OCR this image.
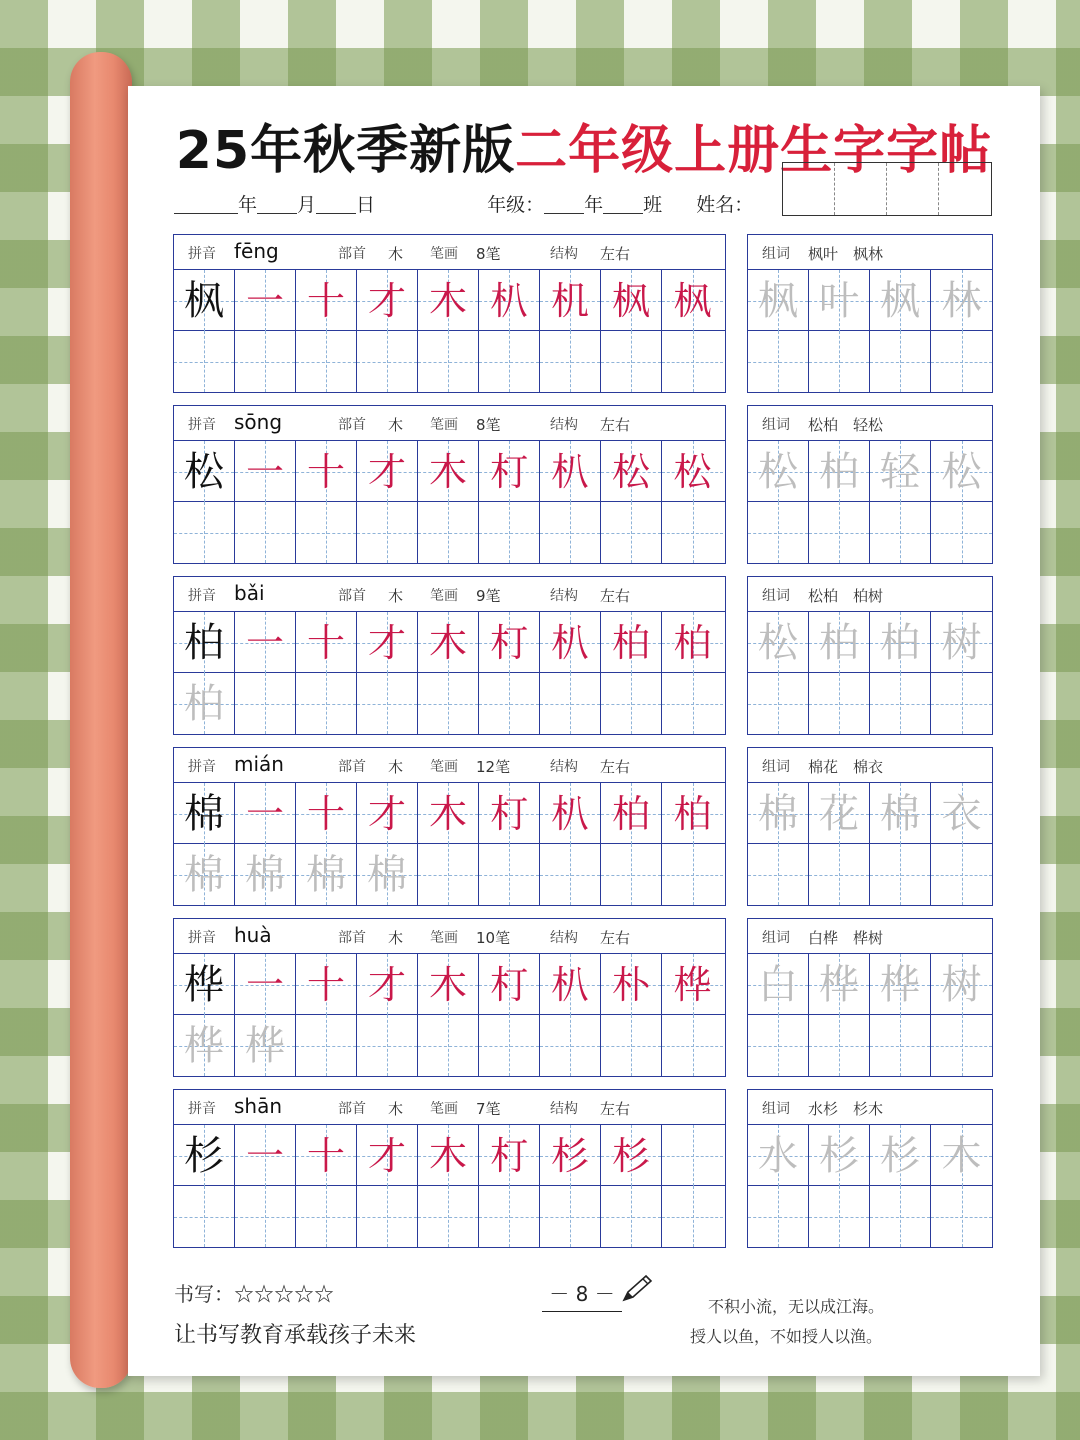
25年秋季新版二年级上册生字字帖
年 月 日	年级： 年 班 姓名：
拼音 fēng	部首 木 笔画 8笔	结构 左右
枫 一 十 才 木 朳 机 枫 枫
组词 枫叶　枫林
枫 叶 枫 林
拼音 sōng	部首 木 笔画 8笔	结构 左右
松 一 十 才 木 朾 朳 松 松
组词 松柏　轻松
松 柏 轻 松
拼音 bǎi	部首 木 笔画 9笔	结构 左右
柏 一 十 才 木 朾 朳 柏 柏
柏
组词 松柏　柏树
松 柏 柏 树
拼音 mián	部首 木 笔画 12笔	结构 左右
棉 一 十 才 木 朾 朳 柏 柏
棉 棉 棉 棉
组词 棉花　棉衣
棉 花 棉 衣
拼音 huà	部首 木 笔画 10笔	结构 左右
桦 一 十 才 木 朾 朳 朴 桦
桦 桦
组词 白桦　桦树
白 桦 桦 树
拼音 shān	部首 木 笔画 7笔	结构 左右
杉 一 十 才 木 朾 杉 杉
组词 水杉　杉木
水 杉 杉 木
书写：☆☆☆☆☆
让书写教育承载孩子未来
－ 8 －
不积小流，无以成江海。
授人以鱼，不如授人以渔。
